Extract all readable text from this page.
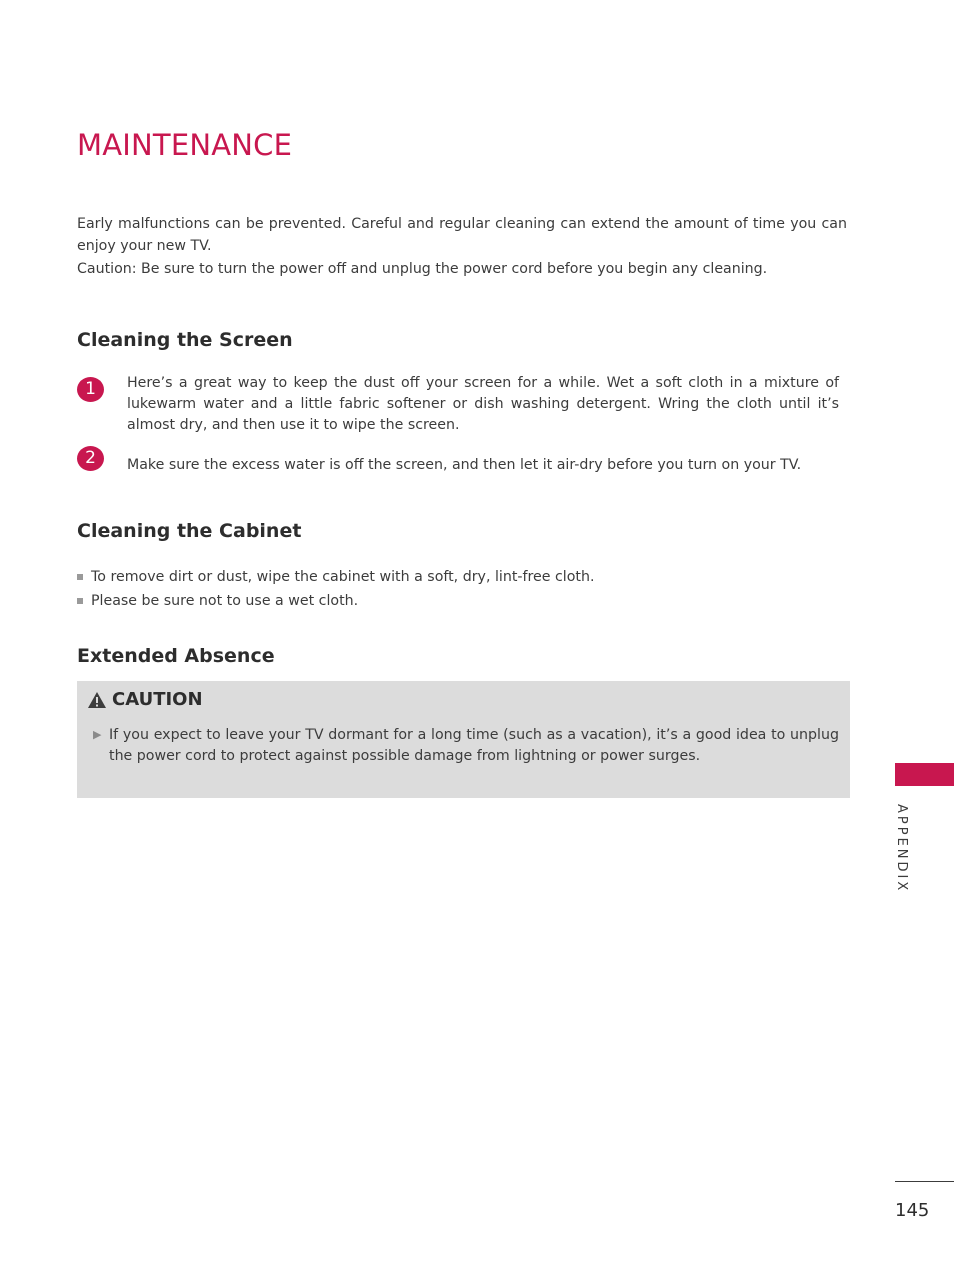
MAINTENANCE

Early malfunctions can be prevented. Careful and regular cleaning can extend the amount of time you can enjoy your new TV.

Caution: Be sure to turn the power off and unplug the power cord before you begin any cleaning.

Cleaning the Screen
1	Here’s a great way to keep the dust off your screen for a while. Wet a soft cloth in a mixture of lukewarm water and a little fabric softener or dish washing detergent. Wring the cloth until it’s almost dry, and then use it to wipe the screen.

2	Make sure the excess water is off the screen, and then let it air-dry before you turn on your TV.

Cleaning the Cabinet
To remove dirt or dust, wipe the cabinet with a soft, dry, lint-free cloth.
Please be sure not to use a wet cloth.
Extended Absence
CAUTION

▶ If you expect to leave your TV dormant for a long time (such as a vacation), it’s a good idea to unplug the power cord to protect against possible damage from lightning or power surges.

APPENDIX
145
